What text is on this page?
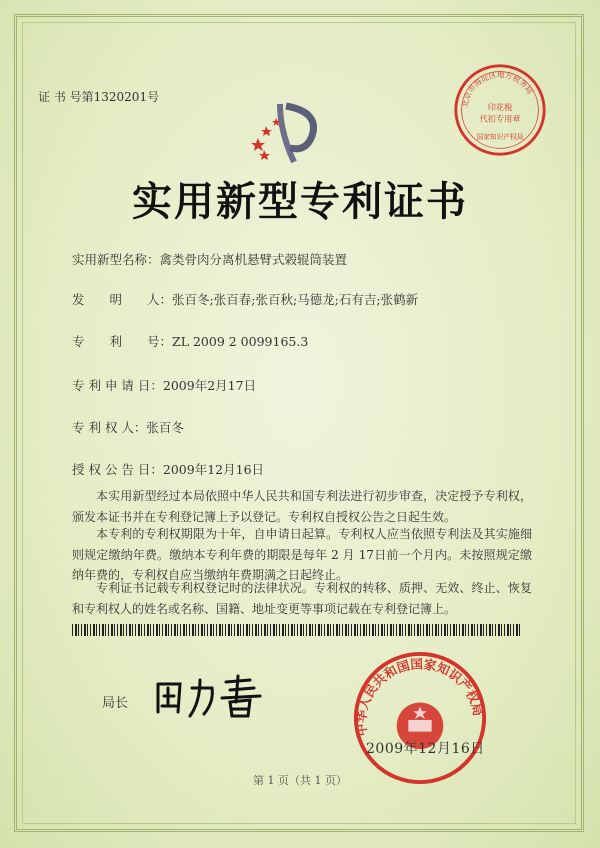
证 书 号第1320201号	北京市海淀区地方税务局
印花税
代扣专用章
国家知识产权局
实用新型专利证书
实用新型名称：禽类骨肉分离机悬臂式榖辊筒装置
发　　明　　人：张百冬;张百春;张百秋;马德龙;石有吉;张鹤新
专　　利　　号：ZL 2009 2 0099165.3
专 利 申 请 日：2009年2月17日
专 利 权 人：张百冬
授 权 公 告 日：2009年12月16日
本实用新型经过本局依照中华人民共和国专利法进行初步审查，决定授予专利权，颁发本证书并在专利登记簿上予以登记。专利权自授权公告之日起生效。
本专利的专利权期限为十年，自申请日起算。专利权人应当依照专利法及其实施细则规定缴纳年费。缴纳本专利年费的期限是每年 2 月 17日前一个月内。未按照规定缴纳年费的，专利权自应当缴纳年费期满之日起终止。
专利证书记载专利权登记时的法律状况。专利权的转移、质押、无效、终止、恢复和专利权人的姓名或名称、国籍、地址变更等事项记载在专利登记簿上。
局长
中华人民共和国国家知识产权局
2009年12月16日
第 1 页（共 1 页）
